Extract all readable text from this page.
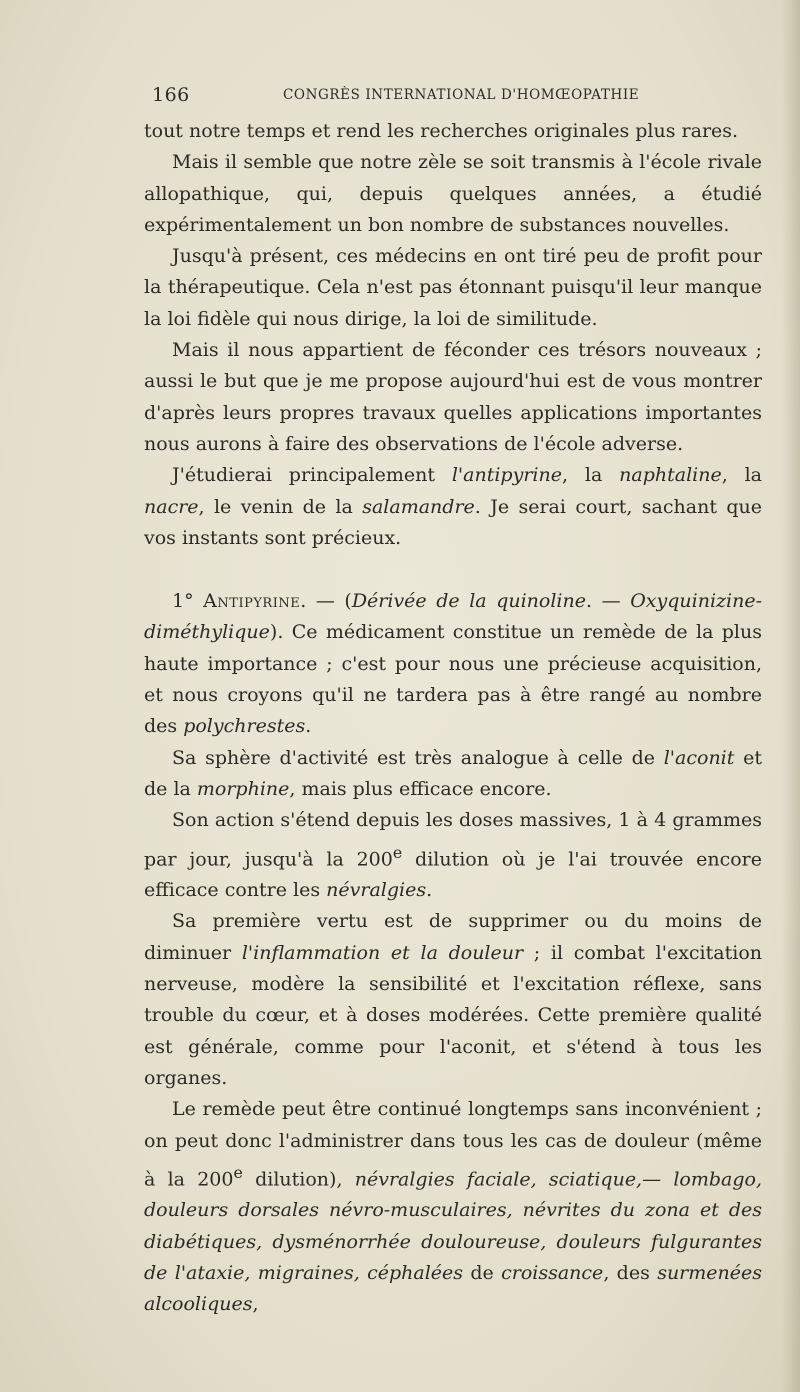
166	CONGRÈS INTERNATIONAL D'HOMŒOPATHIE

tout notre temps et rend les recherches originales plus rares.

Mais il semble que notre zèle se soit transmis à l'école rivale allopathique, qui, depuis quelques années, a étudié expérimentalement un bon nombre de substances nouvelles.

Jusqu'à présent, ces médecins en ont tiré peu de profit pour la thérapeutique. Cela n'est pas étonnant puisqu'il leur manque la loi fidèle qui nous dirige, la loi de similitude.

Mais il nous appartient de féconder ces trésors nouveaux ; aussi le but que je me propose aujourd'hui est de vous montrer d'après leurs propres travaux quelles applications importantes nous aurons à faire des observations de l'école adverse.

J'étudierai principalement l'antipyrine, la naphtaline, la nacre, le venin de la salamandre. Je serai court, sachant que vos instants sont précieux.

1° Antipyrine. — (Dérivée de la quinoline. — Oxyquinizine-diméthylique). Ce médicament constitue un remède de la plus haute importance ; c'est pour nous une précieuse acquisition, et nous croyons qu'il ne tardera pas à être rangé au nombre des polychrestes.

Sa sphère d'activité est très analogue à celle de l'aconit et de la morphine, mais plus efficace encore.

Son action s'étend depuis les doses massives, 1 à 4 grammes par jour, jusqu'à la 200e dilution où je l'ai trouvée encore efficace contre les névralgies.

Sa première vertu est de supprimer ou du moins de diminuer l'inflammation et la douleur ; il combat l'excitation nerveuse, modère la sensibilité et l'excitation réflexe, sans trouble du cœur, et à doses modérées. Cette première qualité est générale, comme pour l'aconit, et s'étend à tous les organes.

Le remède peut être continué longtemps sans inconvénient ; on peut donc l'administrer dans tous les cas de douleur (même à la 200e dilution), névralgies faciale, sciatique,— lombago, douleurs dorsales névro-musculaires, névrites du zona et des diabétiques, dysménorrhée douloureuse, douleurs fulgurantes de l'ataxie, migraines, céphalées de croissance, des surmenées alcooliques,
